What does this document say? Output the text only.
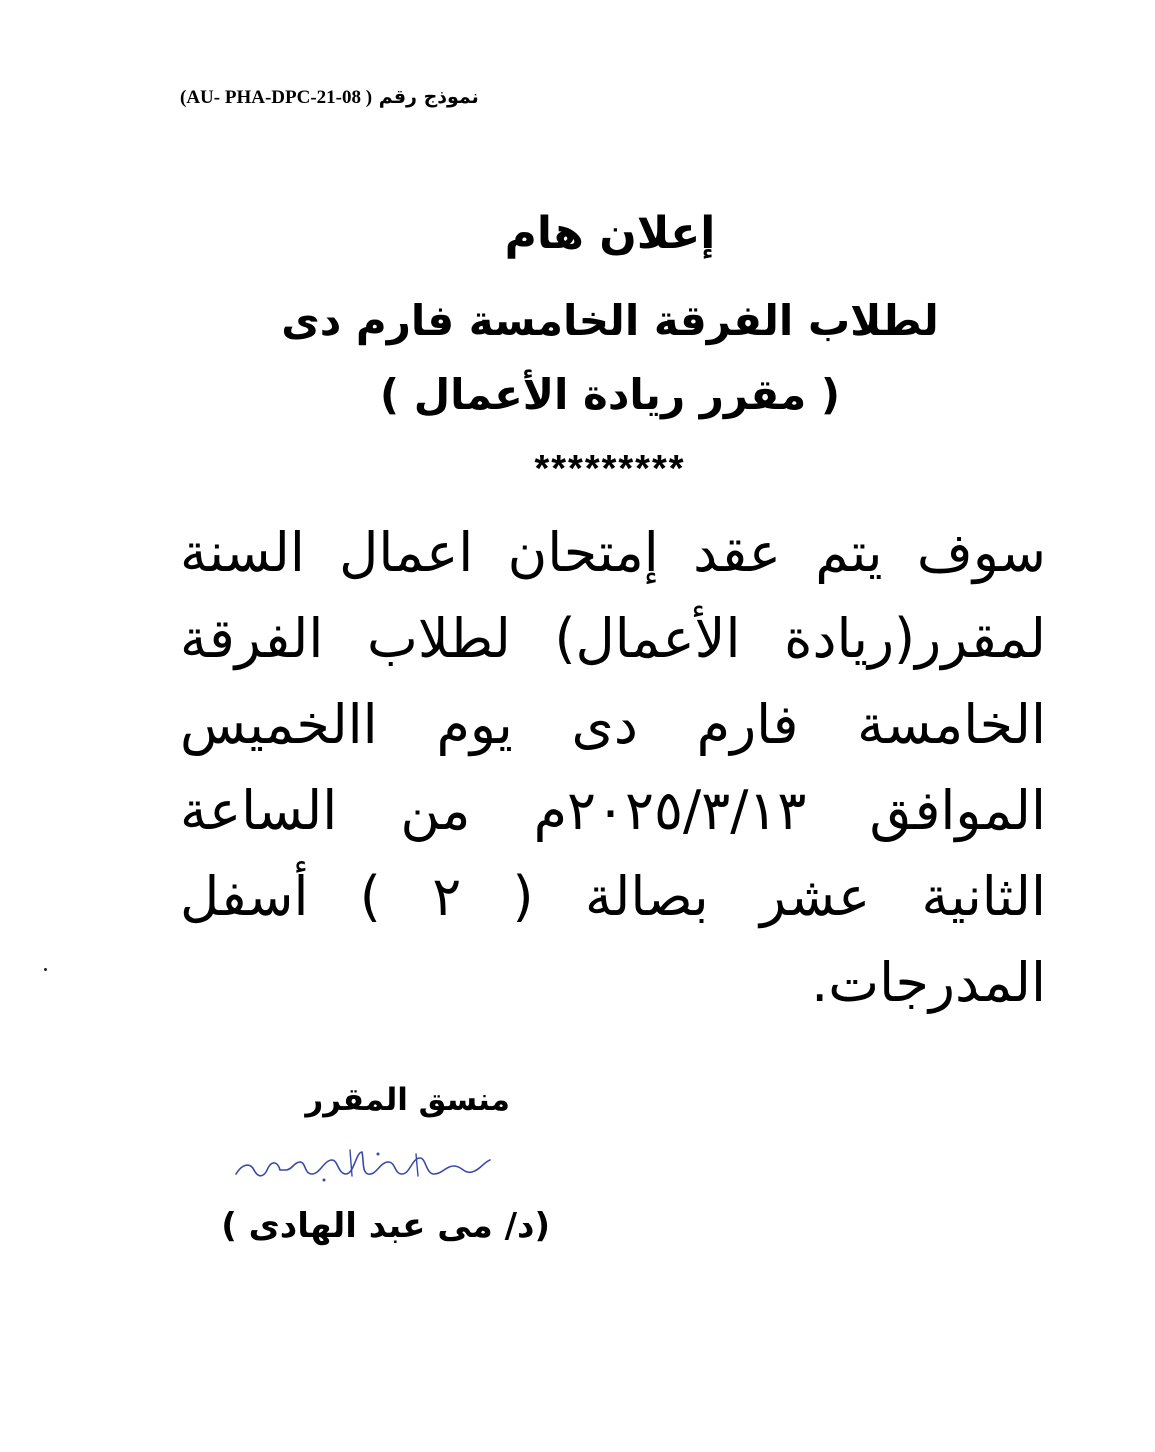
(AU- PHA-DPC-21-08 ) نموذج رقم
إعلان هام
لطلاب الفرقة الخامسة فارم دى
( مقرر ريادة الأعمال )
*********
سوف يتم عقد إمتحان اعمال السنة
لمقرر(ريادة الأعمال) لطلاب الفرقة
الخامسة فارم دى يوم االخميس
الموافق ٢٠٢٥/٣/١٣م من الساعة
الثانية عشر بصالة ( ٢ ) أسفل
المدرجات.
منسق المقرر
(د/ مى عبد الهادى )
